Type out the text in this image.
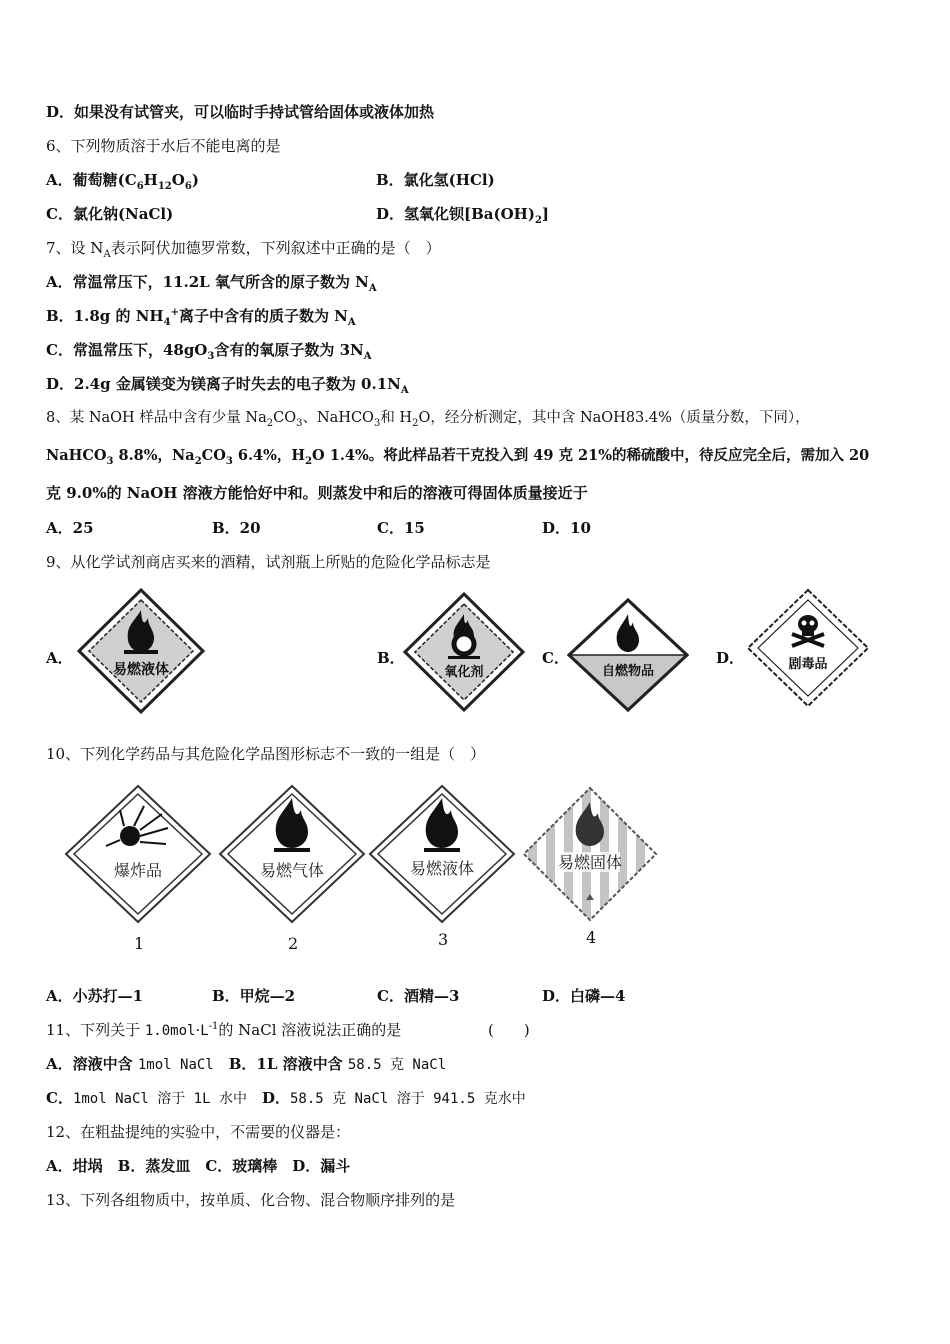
D．如果没有试管夹，可以临时手持试管给固体或液体加热
6、下列物质溶于水后不能电离的是
A．葡萄糖$(C_6H_{12}O_6)$	B．氯化氢(HCl)
C．氯化钠(NaCl)	D．氢氧化钡$[Ba(OH)_2]$
7、设 $N_A$表示阿伏加德罗常数，下列叙述中正确的是（　）
A．常温常压下，11.2L 氧气所含的原子数为 $N_A$
B．1.8g 的 $NH_4^+$离子中含有的质子数为 $N_A$
C．常温常压下，$48gO_3$含有的氧原子数为 $3N_A$
D．2.4g 金属镁变为镁离子时失去的电子数为 $0.1N_A$
8、某 NaOH 样品中含有少量 $Na_2CO_3$、NaHCO$_3$和 $H_2O$，经分析测定，其中含 NaOH83.4%（质量分数，下同），
NaHCO$_3$ 8.8%，$Na_2CO_3$ 6.4%，$H_2O$ 1.4%。将此样品若干克投入到 49 克 21%的稀硫酸中，待反应完全后，需加入 20
克 9.0%的 NaOH 溶液方能恰好中和。则蒸发中和后的溶液可得固体质量接近于
A．25	B．20	C．15	D．10
9、从化学试剂商店买来的酒精，试剂瓶上所贴的危险化学品标志是
A．	B．	C．	D．
易燃液体	氧化剂	自燃物品	剧毒品
10、下列化学药品与其危险化学品图形标志不一致的一组是（　）
爆炸品
1
易燃气体
2
易燃液体
3
易燃固体
4
A．小苏打—1	B．甲烷—2	C．酒精—3	D．白磷—4
11、下列关于 $1.0mol\cdot L^{-1}$的 NaCl 溶液说法正确的是	(　　)
A．溶液中含 1mol NaCl　B．1L 溶液中含 58.5 克 NaCl
C．1mol NaCl 溶于 1L 水中　D．58.5 克 NaCl 溶于 941.5 克水中
12、在粗盐提纯的实验中，不需要的仪器是：
A．坩埚　B．蒸发皿　C．玻璃棒　D．漏斗
13、下列各组物质中，按单质、化合物、混合物顺序排列的是
